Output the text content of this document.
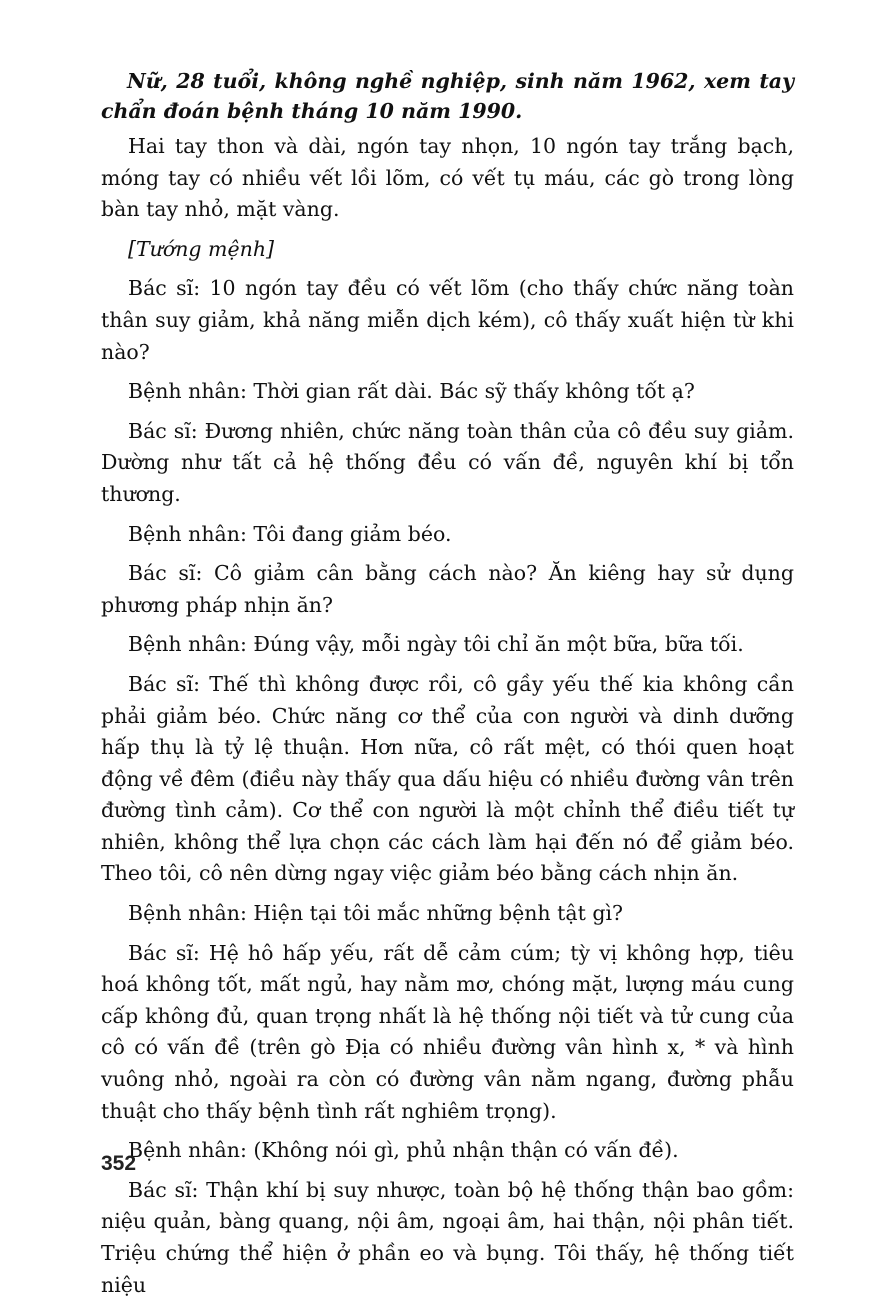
Nữ, 28 tuổi, không nghề nghiệp, sinh năm 1962, xem tay chẩn đoán bệnh tháng 10 năm 1990.

Hai tay thon và dài, ngón tay nhọn, 10 ngón tay trắng bạch, móng tay có nhiều vết lồi lõm, có vết tụ máu, các gò trong lòng bàn tay nhỏ, mặt vàng.

[Tướng mệnh]

Bác sĩ: 10 ngón tay đều có vết lõm (cho thấy chức năng toàn thân suy giảm, khả năng miễn dịch kém), cô thấy xuất hiện từ khi nào?

Bệnh nhân: Thời gian rất dài. Bác sỹ thấy không tốt ạ?

Bác sĩ: Đương nhiên, chức năng toàn thân của cô đều suy giảm. Dường như tất cả hệ thống đều có vấn đề, nguyên khí bị tổn thương.

Bệnh nhân: Tôi đang giảm béo.

Bác sĩ: Cô giảm cân bằng cách nào? Ăn kiêng hay sử dụng phương pháp nhịn ăn?

Bệnh nhân: Đúng vậy, mỗi ngày tôi chỉ ăn một bữa, bữa tối.

Bác sĩ: Thế thì không được rồi, cô gầy yếu thế kia không cần phải giảm béo. Chức năng cơ thể của con người và dinh dưỡng hấp thụ là tỷ lệ thuận. Hơn nữa, cô rất mệt, có thói quen hoạt động về đêm (điều này thấy qua dấu hiệu có nhiều đường vân trên đường tình cảm). Cơ thể con người là một chỉnh thể điều tiết tự nhiên, không thể lựa chọn các cách làm hại đến nó để giảm béo. Theo tôi, cô nên dừng ngay việc giảm béo bằng cách nhịn ăn.

Bệnh nhân: Hiện tại tôi mắc những bệnh tật gì?

Bác sĩ: Hệ hô hấp yếu, rất dễ cảm cúm; tỳ vị không hợp, tiêu hoá không tốt, mất ngủ, hay nằm mơ, chóng mặt, lượng máu cung cấp không đủ, quan trọng nhất là hệ thống nội tiết và tử cung của cô có vấn đề (trên gò Địa có nhiều đường vân hình x, * và hình vuông nhỏ, ngoài ra còn có đường vân nằm ngang, đường phẫu thuật cho thấy bệnh tình rất nghiêm trọng).

Bệnh nhân: (Không nói gì, phủ nhận thận có vấn đề).

Bác sĩ: Thận khí bị suy nhược, toàn bộ hệ thống thận bao gồm: niệu quản, bàng quang, nội âm, ngoại âm, hai thận, nội phân tiết. Triệu chứng thể hiện ở phần eo và bụng. Tôi thấy, hệ thống tiết niệu

352
